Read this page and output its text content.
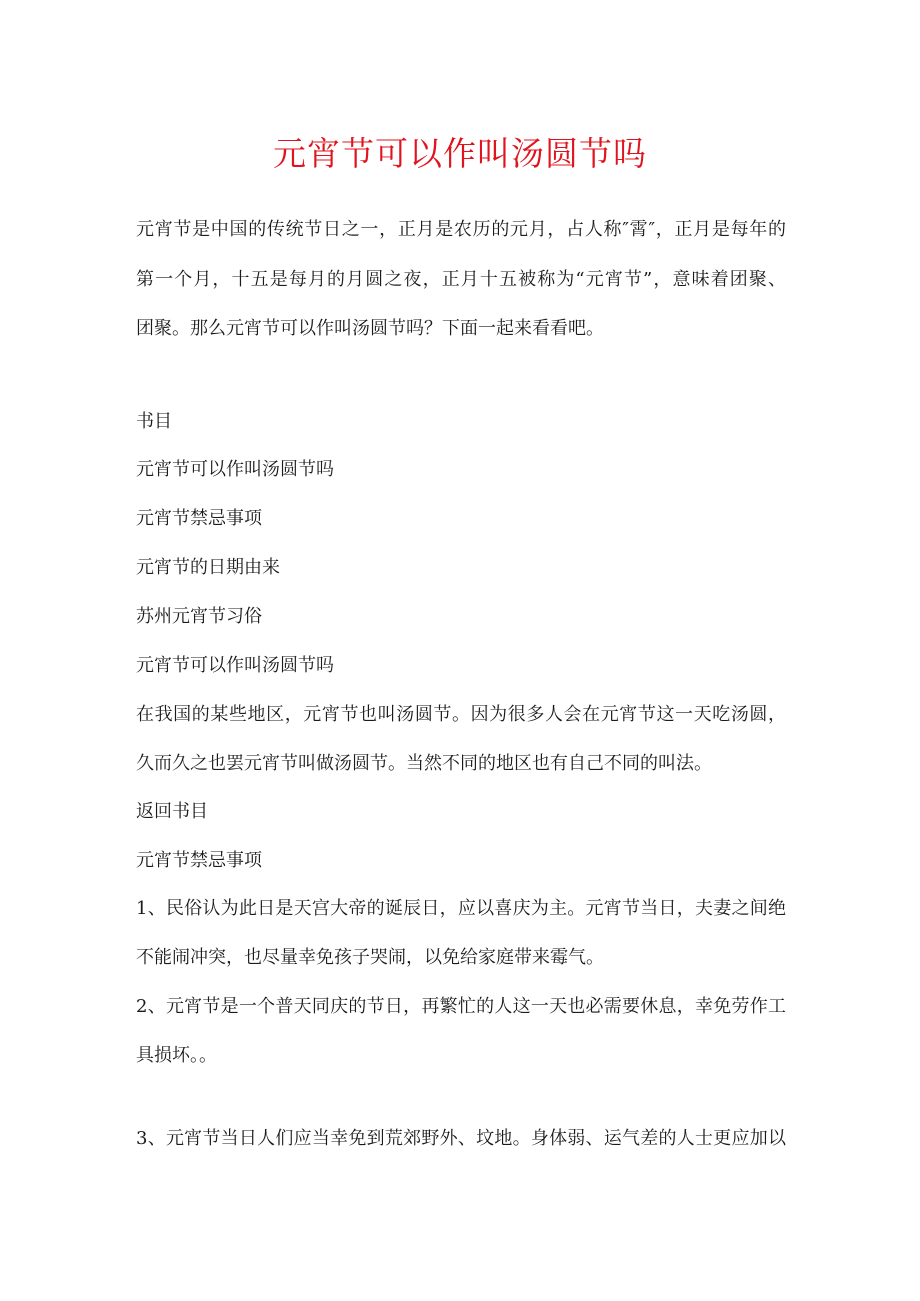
元宵节可以作叫汤圆节吗
元宵节是中国的传统节日之一，正月是农历的元月，占人称″霄″，正月是每年的
第一个月，十五是每月的月圆之夜，正月十五被称为“元宵节”，意味着团聚、
团聚。那么元宵节可以作叫汤圆节吗？下面一起来看看吧。
书目
元宵节可以作叫汤圆节吗
元宵节禁忌事项
元宵节的日期由来
苏州元宵节习俗
元宵节可以作叫汤圆节吗
在我国的某些地区，元宵节也叫汤圆节。因为很多人会在元宵节这一天吃汤圆，
久而久之也罢元宵节叫做汤圆节。当然不同的地区也有自己不同的叫法。
返回书目
元宵节禁忌事项
1、民俗认为此日是天宫大帝的诞辰日，应以喜庆为主。元宵节当日，夫妻之间绝
不能闹冲突，也尽量幸免孩子哭闹，以免给家庭带来霉气。
2、元宵节是一个普天同庆的节日，再繁忙的人这一天也必需要休息，幸免劳作工
具损坏。。
3、元宵节当日人们应当幸免到荒郊野外、坟地。身体弱、运气差的人士更应加以
